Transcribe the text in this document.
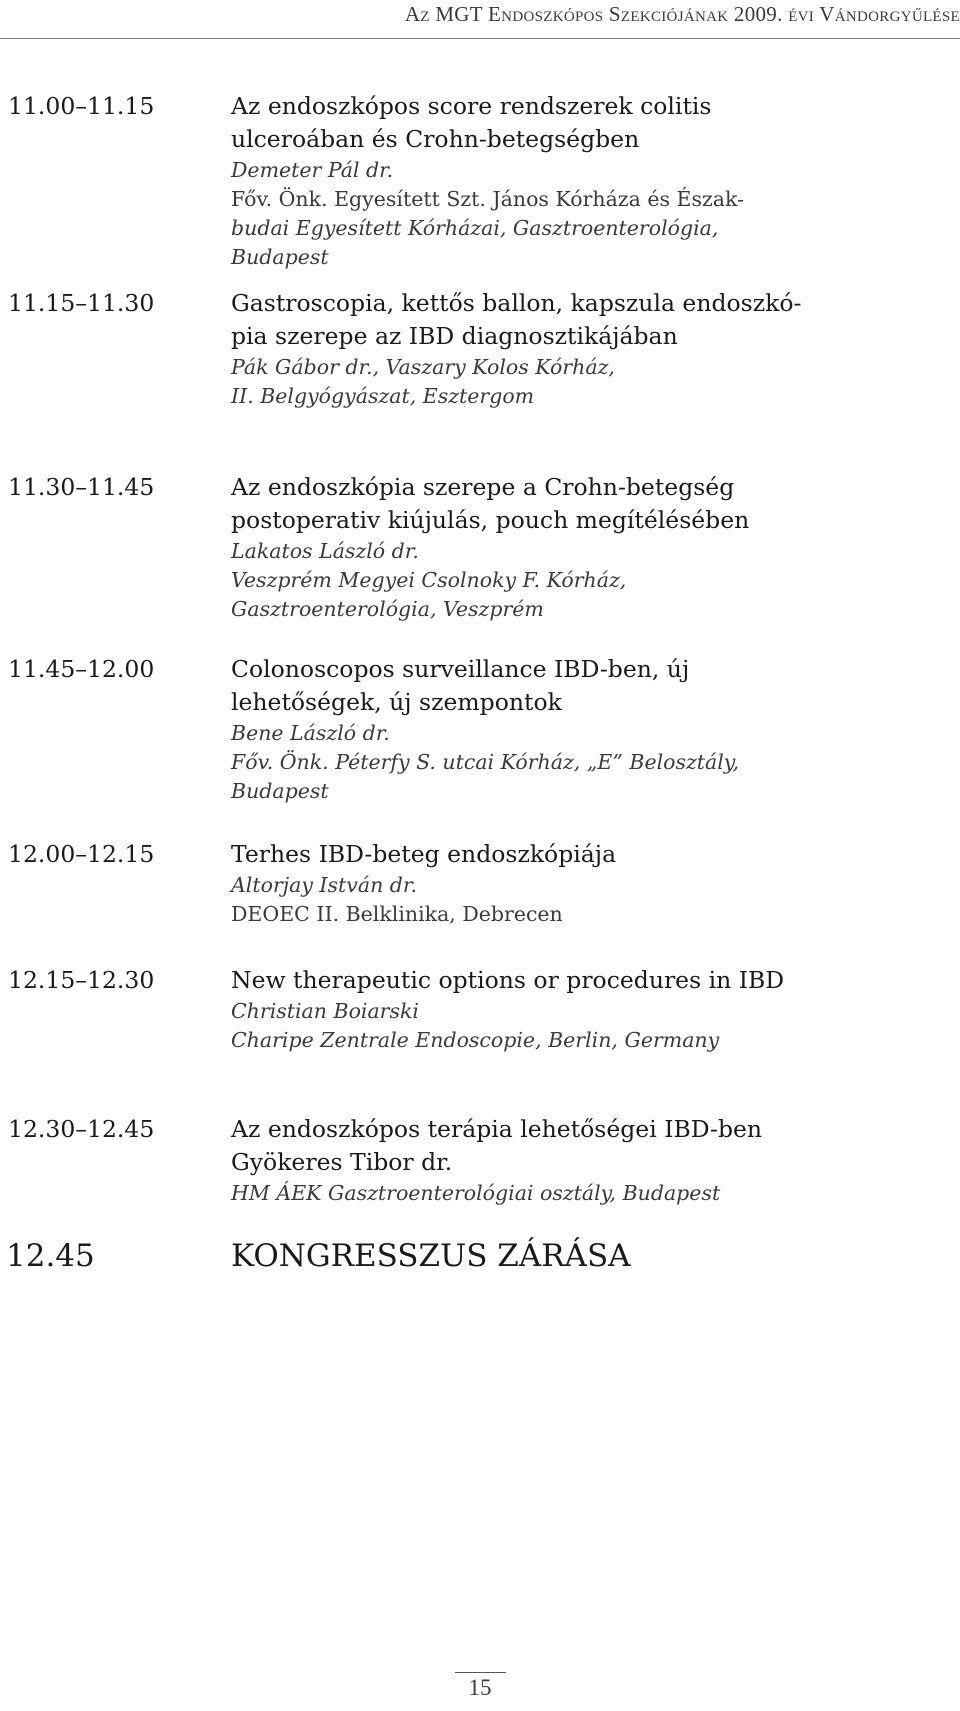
Az MGT Endoszkópos Szekciójának 2009. évi Vándorgyűlése
11.00–11.15	Az endoszkópos score rendszerek colitis
ulceroában és Crohn-betegségben
Demeter Pál dr.
Főv. Önk. Egyesített Szt. János Kórháza és Észak-
budai Egyesített Kórházai, Gasztroenterológia,
Budapest
11.15–11.30	Gastroscopia, kettős ballon, kapszula endoszkó-
pia szerepe az IBD diagnosztikájában
Pák Gábor dr., Vaszary Kolos Kórház,
II. Belgyógyászat, Esztergom
11.30–11.45	Az endoszkópia szerepe a Crohn-betegség
postoperativ kiújulás, pouch megítélésében
Lakatos László dr.
Veszprém Megyei Csolnoky F. Kórház,
Gasztroenterológia, Veszprém
11.45–12.00	Colonoscopos surveillance IBD-ben, új
lehetőségek, új szempontok
Bene László dr.
Főv. Önk. Péterfy S. utcai Kórház, „E” Belosztály,
Budapest
12.00–12.15	Terhes IBD-beteg endoszkópiája
Altorjay István dr.
DEOEC II. Belklinika, Debrecen
12.15–12.30	New therapeutic options or procedures in IBD
Christian Boiarski
Charipe Zentrale Endoscopie, Berlin, Germany
12.30–12.45	Az endoszkópos terápia lehetőségei IBD-ben
Gyökeres Tibor dr.
HM ÁEK Gasztroenterológiai osztály, Budapest
12.45	KONGRESSZUS ZÁRÁSA
15
